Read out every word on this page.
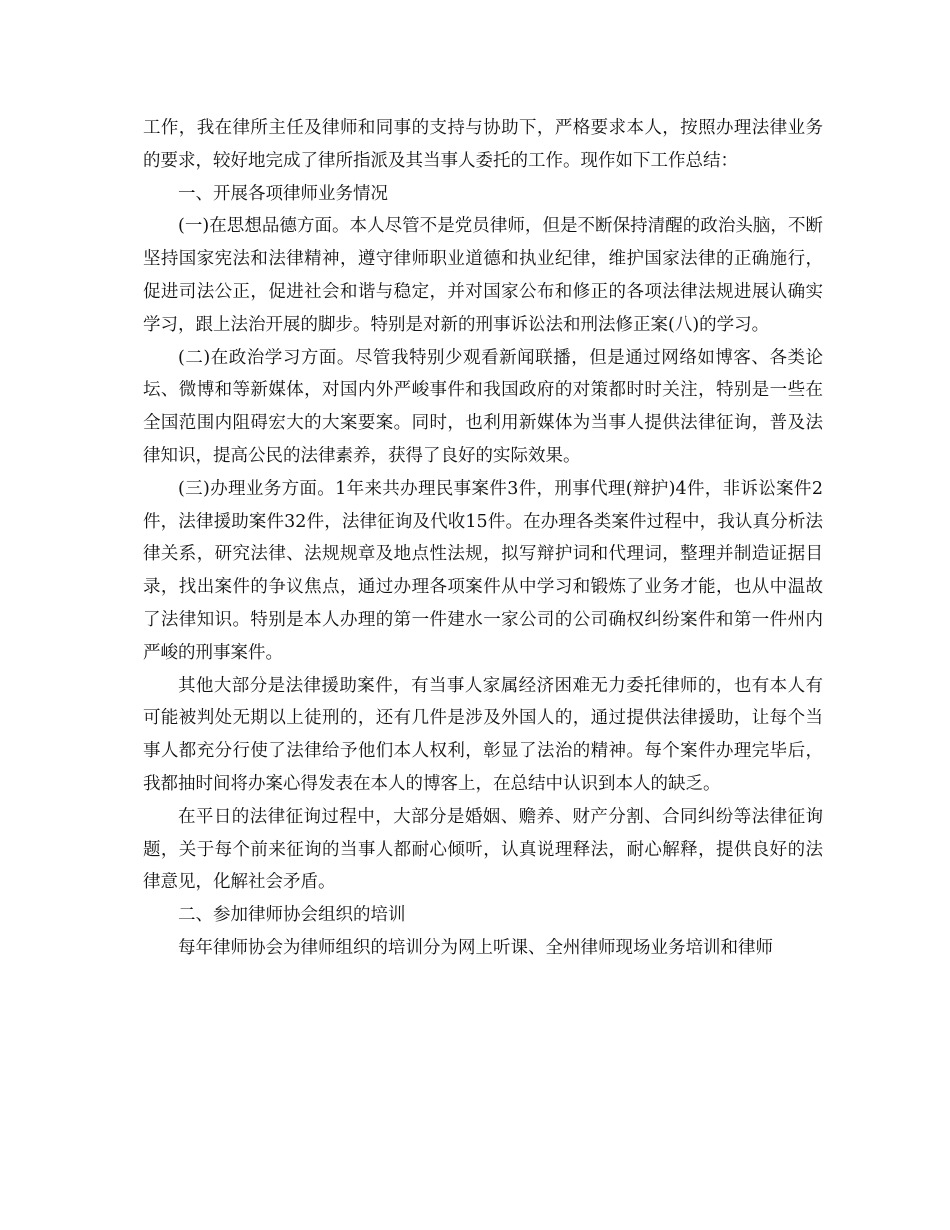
工作，我在律所主任及律师和同事的支持与协助下，严格要求本人，按照办理法律业务的要求，较好地完成了律所指派及其当事人委托的工作。现作如下工作总结：

一、开展各项律师业务情况

(一)在思想品德方面。本人尽管不是党员律师，但是不断保持清醒的政治头脑，不断坚持国家宪法和法律精神，遵守律师职业道德和执业纪律，维护国家法律的正确施行，促进司法公正，促进社会和谐与稳定，并对国家公布和修正的各项法律法规进展认确实学习，跟上法治开展的脚步。特别是对新的刑事诉讼法和刑法修正案(八)的学习。

(二)在政治学习方面。尽管我特别少观看新闻联播，但是通过网络如博客、各类论坛、微博和等新媒体，对国内外严峻事件和我国政府的对策都时时关注，特别是一些在全国范围内阻碍宏大的大案要案。同时，也利用新媒体为当事人提供法律征询，普及法律知识，提高公民的法律素养，获得了良好的实际效果。

(三)办理业务方面。1年来共办理民事案件3件，刑事代理(辩护)4件，非诉讼案件2件，法律援助案件32件，法律征询及代收15件。在办理各类案件过程中，我认真分析法律关系，研究法律、法规规章及地点性法规，拟写辩护词和代理词，整理并制造证据目录，找出案件的争议焦点，通过办理各项案件从中学习和锻炼了业务才能，也从中温故了法律知识。特别是本人办理的第一件建水一家公司的公司确权纠纷案件和第一件州内严峻的刑事案件。

其他大部分是法律援助案件，有当事人家属经济困难无力委托律师的，也有本人有可能被判处无期以上徒刑的，还有几件是涉及外国人的，通过提供法律援助，让每个当事人都充分行使了法律给予他们本人权利，彰显了法治的精神。每个案件办理完毕后，我都抽时间将办案心得发表在本人的博客上，在总结中认识到本人的缺乏。

在平日的法律征询过程中，大部分是婚姻、赡养、财产分割、合同纠纷等法律征询题，关于每个前来征询的当事人都耐心倾听，认真说理释法，耐心解释，提供良好的法律意见，化解社会矛盾。

二、参加律师协会组织的培训

每年律师协会为律师组织的培训分为网上听课、全州律师现场业务培训和律师
